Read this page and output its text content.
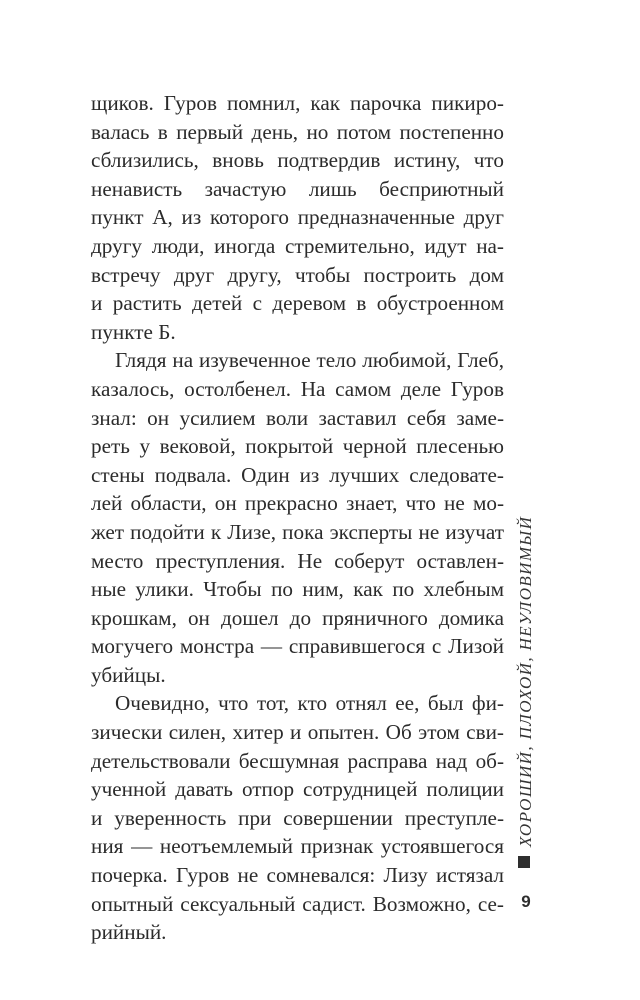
щиков. Гуров помнил, как парочка пикиро-
валась в первый день, но потом постепенно
сблизились, вновь подтвердив истину, что
ненависть зачастую лишь бесприютный
пункт А, из которого предназначенные друг
другу люди, иногда стремительно, идут на-
встречу друг другу, чтобы построить дом
и растить детей с деревом в обустроенном
пункте Б.
Глядя на изувеченное тело любимой, Глеб,
казалось, остолбенел. На самом деле Гуров
знал: он усилием воли заставил себя заме-
реть у вековой, покрытой черной плесенью
стены подвала. Один из лучших следовате-
лей области, он прекрасно знает, что не мо-
жет подойти к Лизе, пока эксперты не изучат
место преступления. Не соберут оставлен-
ные улики. Чтобы по ним, как по хлебным
крошкам, он дошел до пряничного домика
могучего монстра — справившегося с Лизой
убийцы.
Очевидно, что тот, кто отнял ее, был фи-
зически силен, хитер и опытен. Об этом сви-
детельствовали бесшумная расправа над об-
ученной давать отпор сотрудницей полиции
и уверенность при совершении преступле-
ния — неотъемлемый признак устоявшегося
почерка. Гуров не сомневался: Лизу истязал
опытный сексуальный садист. Возможно, се-
рийный.
ХОРОШИЙ, ПЛОХОЙ, НЕУЛОВИМЫЙ
9
